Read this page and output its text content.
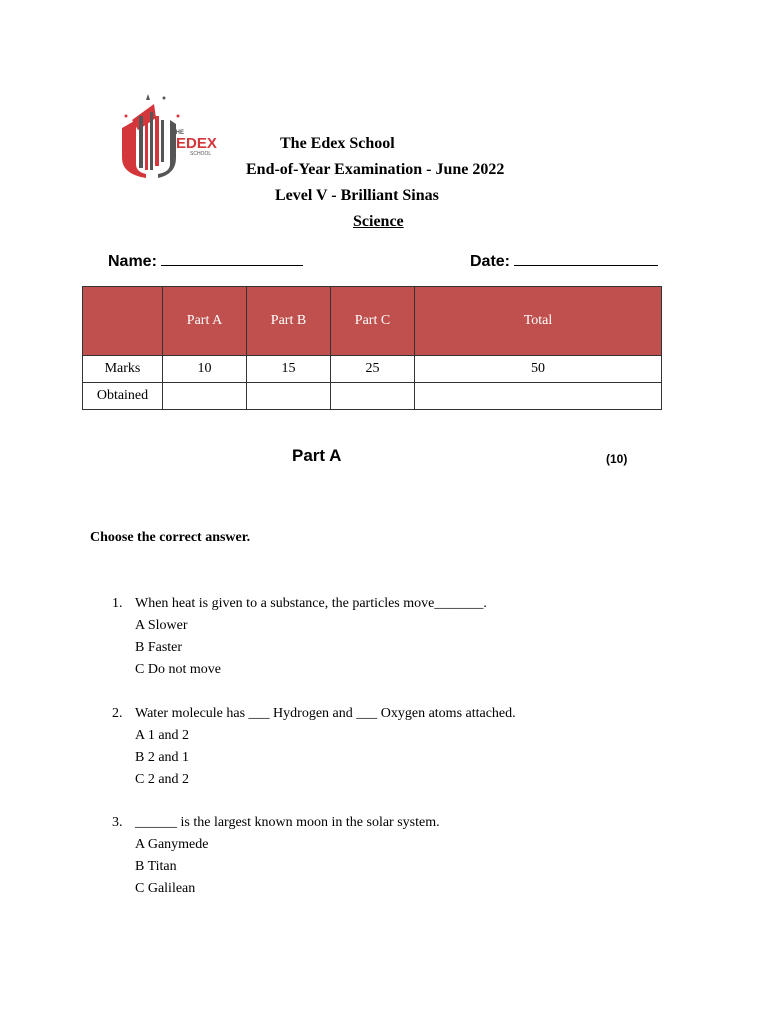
THE
EDEX
SCHOOL
The Edex School
End-of-Year Examination - June 2022
Level V - Brilliant Sinas
Science
Name:	Date:
	Part A	Part B	Part C	Total
Marks	10	15	25	50
Obtained				
Part A	(10)
Choose the correct answer.
1. When heat is given to a substance, the particles move_______.
A Slower
B Faster
C Do not move
2. Water molecule has ___ Hydrogen and ___ Oxygen atoms attached.
A 1 and 2
B 2 and 1
C 2 and 2
3. ______ is the largest known moon in the solar system.
A Ganymede
B Titan
C Galilean
